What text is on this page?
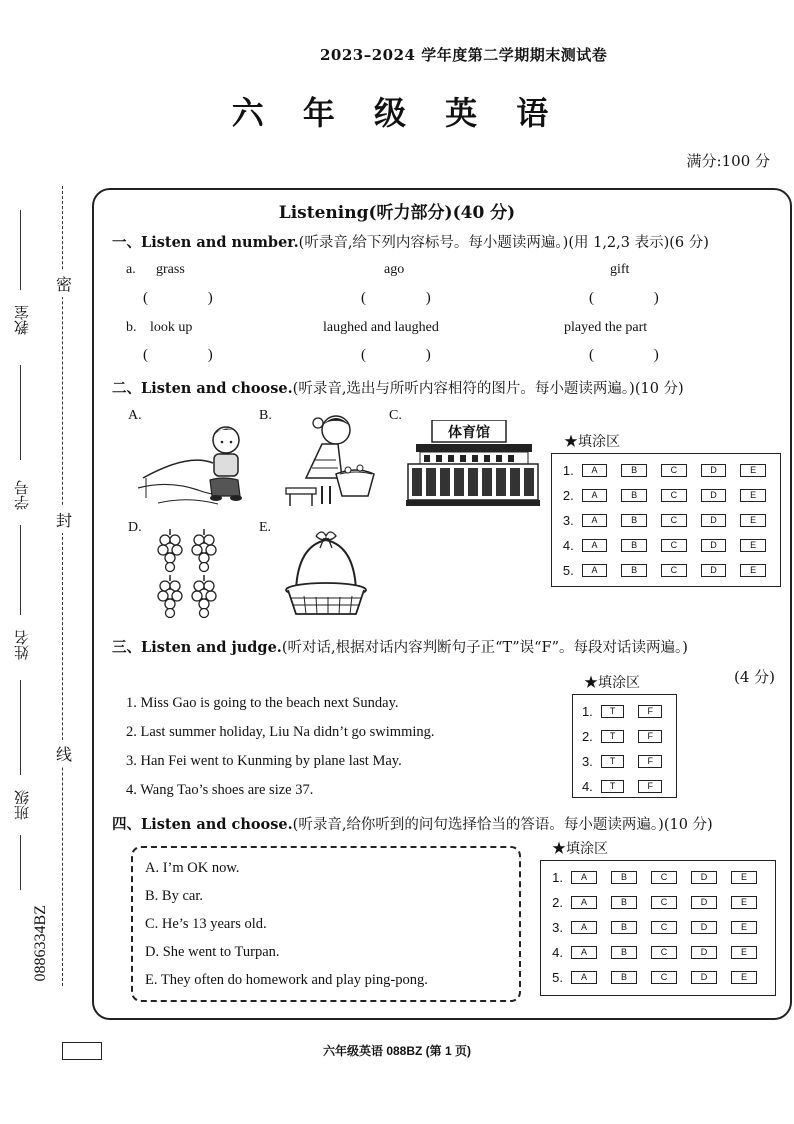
2023–2024 学年度第二学期期末测试卷
六 年 级 英 语
满分:100 分
教室
学号
姓名
班级
0886334BZ
密
封
线
Listening(听力部分)(40 分)
一、Listen and number.(听录音,给下列内容标号。每小题读两遍。)(用 1,2,3 表示)(6 分)
a. grass	ago	gift
( )	( )	( )
b. look up	laughed and laughed	played the part
( )	( )	( )
二、Listen and choose.(听录音,选出与所听内容相符的图片。每小题读两遍。)(10 分)
A.	B.	C.
D.	E.
体育馆
★填涂区
1.	A	B	C	D	E
2.	A	B	C	D	E
3.	A	B	C	D	E
4.	A	B	C	D	E
5.	A	B	C	D	E
三、Listen and judge.(听对话,根据对话内容判断句子正“T”误“F”。每段对话读两遍。)
(4 分)
1. Miss Gao is going to the beach next Sunday.
2. Last summer holiday, Liu Na didn’t go swimming.
3. Han Fei went to Kunming by plane last May.
4. Wang Tao’s shoes are size 37.
★填涂区
1.	T	F
2.	T	F
3.	T	F
4.	T	F
四、Listen and choose.(听录音,给你听到的问句选择恰当的答语。每小题读两遍。)(10 分)
A. I’m OK now.
B. By car.
C. He’s 13 years old.
D. She went to Turpan.
E. They often do homework and play ping-pong.
★填涂区
1.	A	B	C	D	E
2.	A	B	C	D	E
3.	A	B	C	D	E
4.	A	B	C	D	E
5.	A	B	C	D	E
六年级英语 088BZ (第 1 页)
